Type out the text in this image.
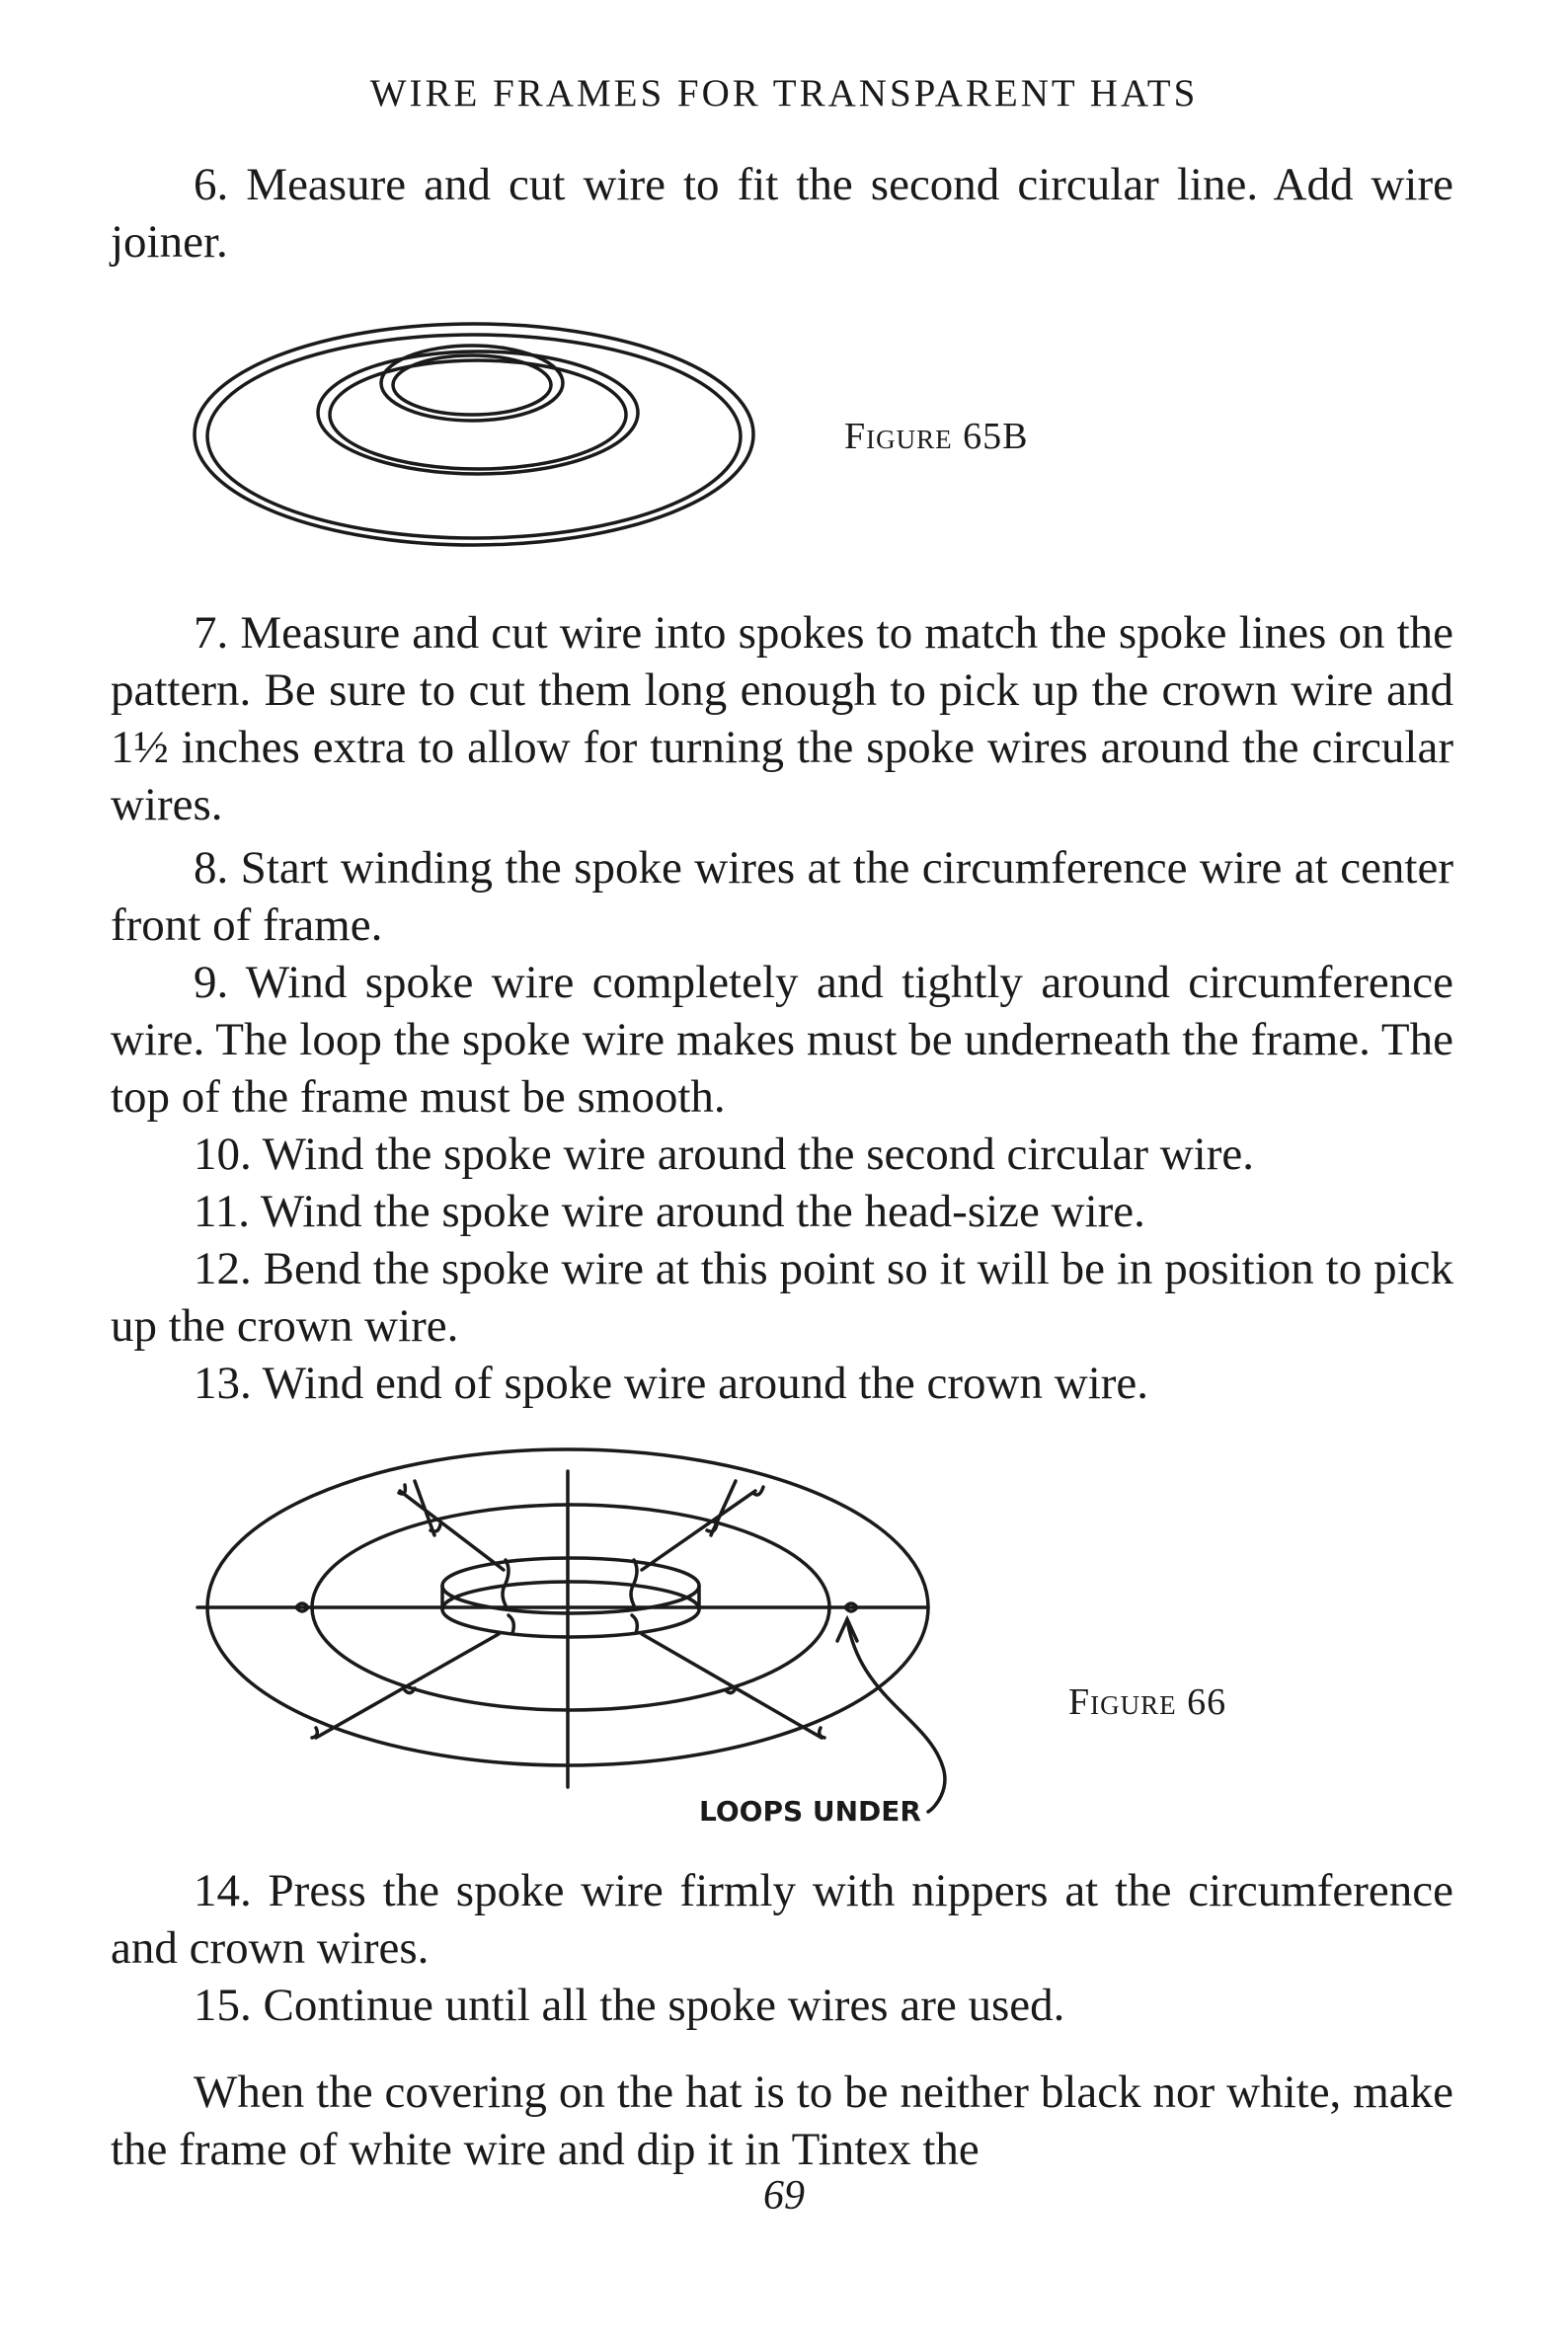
WIRE FRAMES FOR TRANSPARENT HATS

6. Measure and cut wire to fit the second circular line. Add wire joiner.

Figure 65B

7. Measure and cut wire into spokes to match the spoke lines on the pattern. Be sure to cut them long enough to pick up the crown wire and 1½ inches extra to allow for turning the spoke wires around the circular wires.

8. Start winding the spoke wires at the circumference wire at center front of frame.

9. Wind spoke wire completely and tightly around circumference wire. The loop the spoke wire makes must be underneath the frame. The top of the frame must be smooth.

10. Wind the spoke wire around the second circular wire.

11. Wind the spoke wire around the head-size wire.

12. Bend the spoke wire at this point so it will be in position to pick up the crown wire.

13. Wind end of spoke wire around the crown wire.

LOOPS UNDER
Figure 66

14. Press the spoke wire firmly with nippers at the circumference and crown wires.

15. Continue until all the spoke wires are used.

When the covering on the hat is to be neither black nor white, make the frame of white wire and dip it in Tintex the

69
